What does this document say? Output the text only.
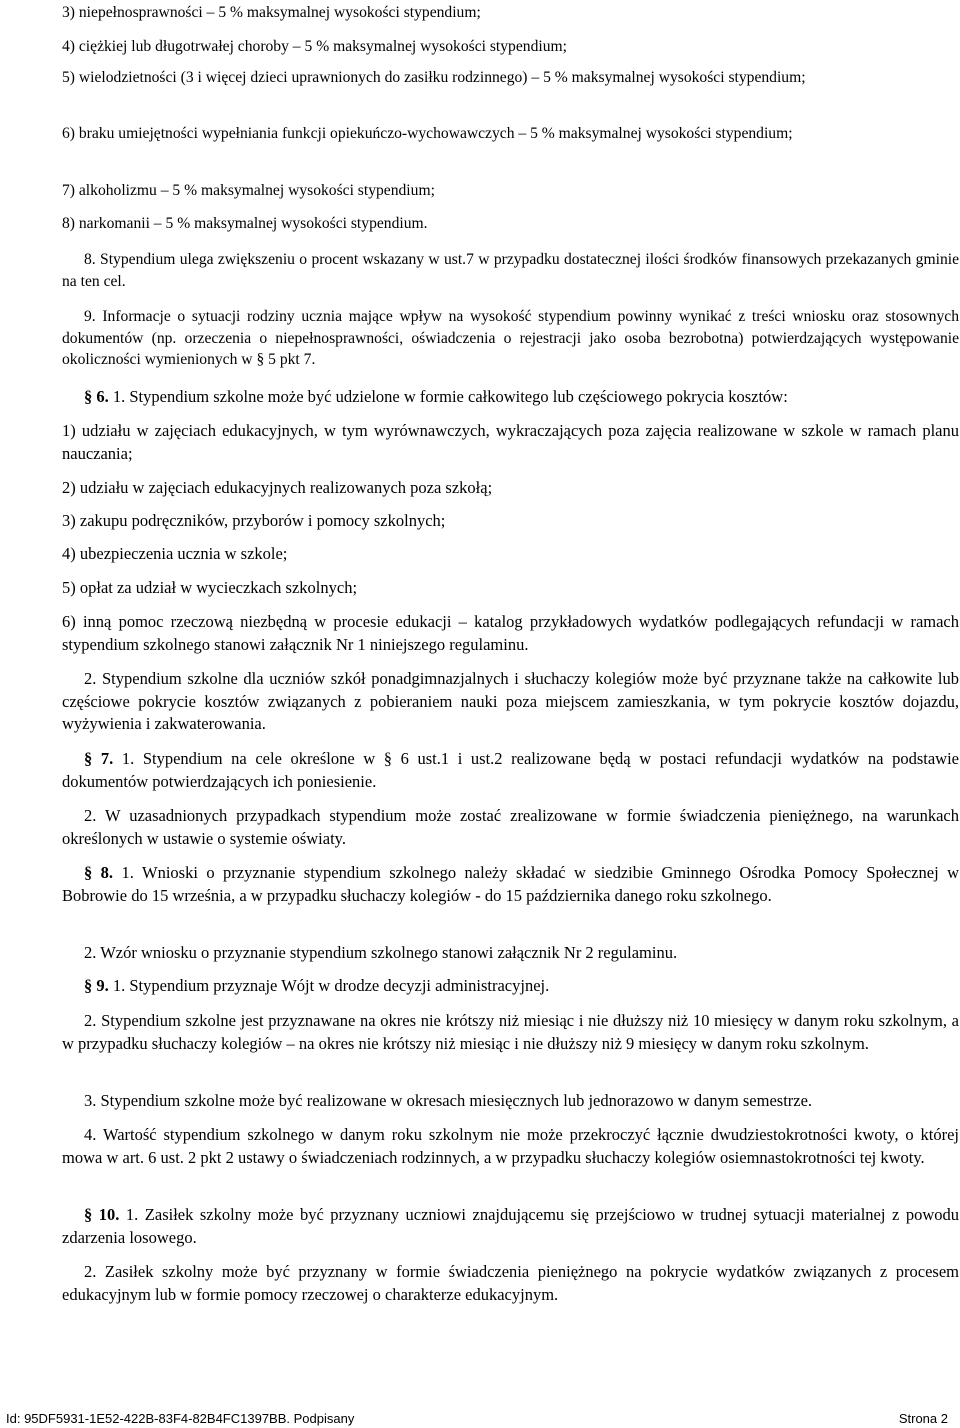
3) niepełnosprawności – 5 % maksymalnej wysokości stypendium;

4) ciężkiej lub długotrwałej choroby – 5 % maksymalnej wysokości stypendium;

5) wielodzietności (3 i więcej dzieci uprawnionych do zasiłku rodzinnego) – 5 % maksymalnej wysokości stypendium;

6) braku umiejętności wypełniania funkcji opiekuńczo-wychowawczych – 5 % maksymalnej wysokości stypendium;

7) alkoholizmu – 5 % maksymalnej wysokości stypendium;

8) narkomanii – 5 % maksymalnej wysokości stypendium.

8. Stypendium ulega zwiększeniu o procent wskazany w ust.7 w przypadku dostatecznej ilości środków finansowych przekazanych gminie na ten cel.

9. Informacje o sytuacji rodziny ucznia mające wpływ na wysokość stypendium powinny wynikać z treści wniosku oraz stosownych dokumentów (np. orzeczenia o niepełnosprawności, oświadczenia o rejestracji jako osoba bezrobotna) potwierdzających występowanie okoliczności wymienionych w § 5 pkt 7.

§ 6. 1. Stypendium szkolne może być udzielone w formie całkowitego lub częściowego pokrycia kosztów:

1) udziału w zajęciach edukacyjnych, w tym wyrównawczych, wykraczających poza zajęcia realizowane w szkole w ramach planu nauczania;

2) udziału w zajęciach edukacyjnych realizowanych poza szkołą;

3) zakupu podręczników, przyborów i pomocy szkolnych;

4) ubezpieczenia ucznia w szkole;

5) opłat za udział w wycieczkach szkolnych;

6) inną pomoc rzeczową niezbędną w procesie edukacji – katalog przykładowych wydatków podlegających refundacji w ramach stypendium szkolnego stanowi załącznik Nr 1 niniejszego regulaminu.

2. Stypendium szkolne dla uczniów szkół ponadgimnazjalnych i słuchaczy kolegiów może być przyznane także na całkowite lub częściowe pokrycie kosztów związanych z pobieraniem nauki poza miejscem zamieszkania, w tym pokrycie kosztów dojazdu, wyżywienia i zakwaterowania.

§ 7. 1. Stypendium na cele określone w § 6 ust.1 i ust.2 realizowane będą w postaci refundacji wydatków na podstawie dokumentów potwierdzających ich poniesienie.

2. W uzasadnionych przypadkach stypendium może zostać zrealizowane w formie świadczenia pieniężnego, na warunkach określonych w ustawie o systemie oświaty.

§ 8. 1. Wnioski o przyznanie stypendium szkolnego należy składać w siedzibie Gminnego Ośrodka Pomocy Społecznej w Bobrowie do 15 września, a w przypadku słuchaczy kolegiów - do 15 października danego roku szkolnego.

2. Wzór wniosku o przyznanie stypendium szkolnego stanowi załącznik Nr 2 regulaminu.

§ 9. 1. Stypendium przyznaje Wójt w drodze decyzji administracyjnej.

2. Stypendium szkolne jest przyznawane na okres nie krótszy niż miesiąc i nie dłuższy niż 10 miesięcy w danym roku szkolnym, a w przypadku słuchaczy kolegiów – na okres nie krótszy niż miesiąc i nie dłuższy niż 9 miesięcy w danym roku szkolnym.

3. Stypendium szkolne może być realizowane w okresach miesięcznych lub jednorazowo w danym semestrze.

4. Wartość stypendium szkolnego w danym roku szkolnym nie może przekroczyć łącznie dwudziestokrotności kwoty, o której mowa w art. 6 ust. 2 pkt 2 ustawy o świadczeniach rodzinnych, a w przypadku słuchaczy kolegiów osiemnastokrotności tej kwoty.

§ 10. 1. Zasiłek szkolny może być przyznany uczniowi znajdującemu się przejściowo w trudnej sytuacji materialnej z powodu zdarzenia losowego.

2. Zasiłek szkolny może być przyznany w formie świadczenia pieniężnego na pokrycie wydatków związanych z procesem edukacyjnym lub w formie pomocy rzeczowej o charakterze edukacyjnym.

Id: 95DF5931-1E52-422B-83F4-82B4FC1397BB. Podpisany	Strona 2
